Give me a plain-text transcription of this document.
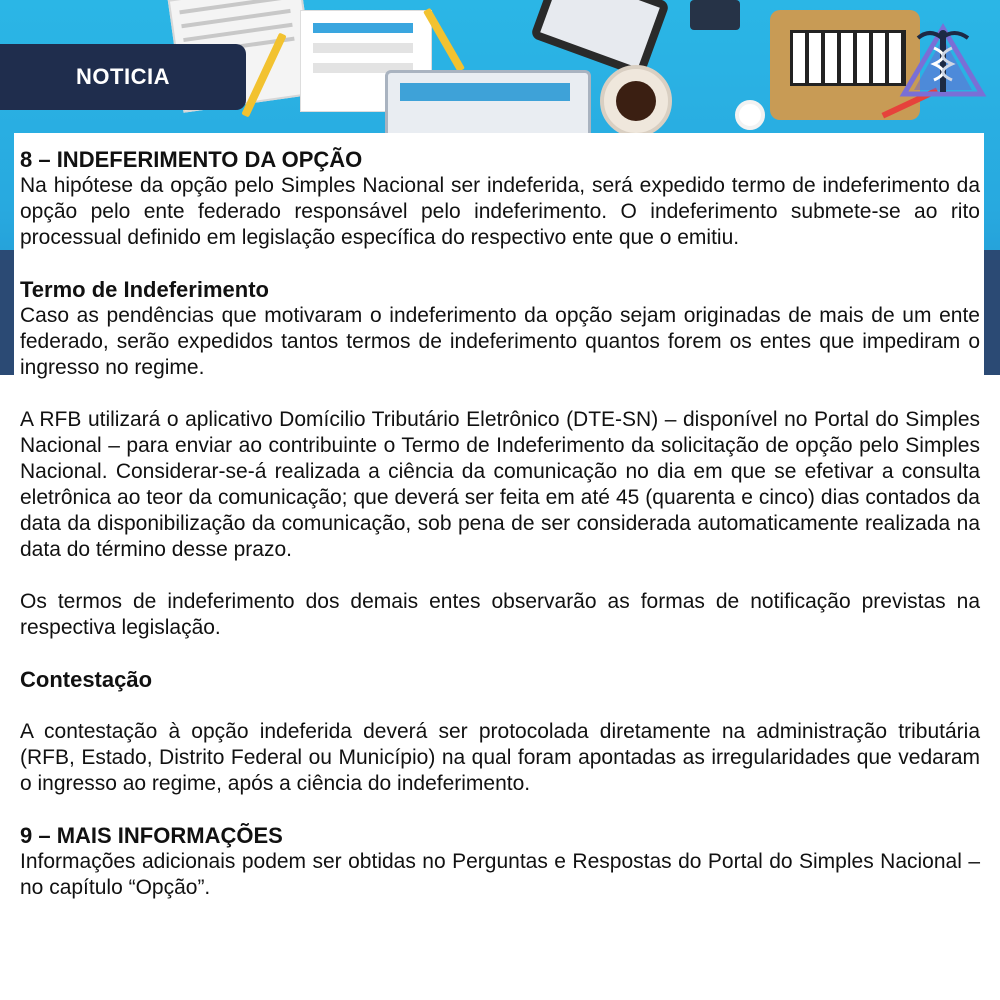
NOTICIA
8 – INDEFERIMENTO DA OPÇÃO

Na hipótese da opção pelo Simples Nacional ser indeferida, será expedido termo de indeferimento da opção pelo ente federado responsável pelo indeferimento. O indeferimento submete-se ao rito processual definido em legislação específica do respectivo ente que o emitiu.

Termo de Indeferimento

Caso as pendências que motivaram o indeferimento da opção sejam originadas de mais de um ente federado, serão expedidos tantos termos de indeferimento quantos forem os entes que impediram o ingresso no regime.

A RFB utilizará o aplicativo Domícilio Tributário Eletrônico (DTE-SN) – disponível no Portal do Simples Nacional – para enviar ao contribuinte o Termo de Indeferimento da solicitação de opção pelo Simples Nacional. Considerar-se-á realizada a ciência da comunicação no dia em que se efetivar a consulta eletrônica ao teor da comunicação; que deverá ser feita em até 45 (quarenta e cinco) dias contados da data da disponibilização da comunicação, sob pena de ser considerada automaticamente realizada na data do término desse prazo.

Os termos de indeferimento dos demais entes observarão as formas de notificação previstas na respectiva legislação.

Contestação

A contestação à opção indeferida deverá ser protocolada diretamente na administração tributária (RFB, Estado, Distrito Federal ou Município) na qual foram apontadas as irregularidades que vedaram o ingresso ao regime, após a ciência do indeferimento.

9 – MAIS INFORMAÇÕES

Informações adicionais podem ser obtidas no Perguntas e Respostas do Portal do Simples Nacional – no capítulo “Opção”.
